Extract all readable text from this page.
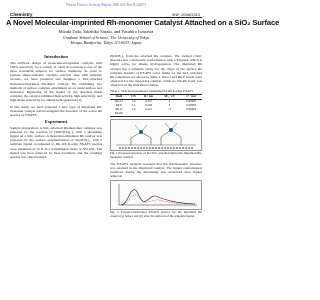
Photon Factory Activity Report 2006 #24 Part B (2007)
Chemistry	3NF, 2006G310
A Novel Molecular-imprinted Rh-monomer Catalyst Attached on a SiO₂ Surface
Mizuki Tada, Takehiko Sasaki, and Yasuhiro Iwasawa
Graduate School of Science, The University of Tokyo
Hongo, Bunkyo-ku, Tokyo 113-0033, Japan
Introduction
The artificial design of molecular-recognition catalysts with 100% selectivity for a variety of catalytic reactions is one of the most wonderful subjects for surface chemistry. In order to prepare shape-selective catalytic reaction sites with template cavities, we have prepared and designed a SiO₂-attached molecular-imprinted Rh-dimer catalyst. By combining two methods of surface complex attachment on an oxide surface and molecular imprinting of the ligand of the attached metal complex, the catalyst exhibited high activity, high selectivity, and high shape selectivity for alkene hydrogenation [1].
In this study, we have prepared a new type of imprinted Rh-monomer catalyst and investigated the structure of the active Rh species by EXAFS.
Experiment
Sample preparation: A SiO₂-attached Rh-monomer complex was prepared by the reaction of [RhCl(CO)₂]₂ with a phosphine ligand on a SiO₂ surface. A molecular-imprinted Rh catalyst was prepared by the surface polymerization of Si(OCH₃)₄ with a template ligand coordinated to Rh. Rh K-edge EXAFS spectra were measured at 15 K in a transmission mode at NW10A. The ligand was then removed by heat treatment, and the resulting species was characterized.
P(OCH₃)₃ from the attached Rh complex. The formed cavity structure has a molecular conformation with a P ligand, which is highly active for alkene hydrogenation. The imprinted Rh catalyst has a template cavity for the shape of the surface Rh complex. Results of EXAFS curve fitting for the SiO₂-attached Rh complexes are shown in Table 1. Rh-Cl and Rh-P bonds were observed for the supported catalyst, while no Rh-Rh bond was observed on the imprinted catalyst.
Table 1. Structural parameters determined by Rh K-edge EXAFS
Shell	CN	R / nm	ΔE₀ / eV	σ² / nm²
Rh-Cl	1.0	0.237	4	0.00005
Rh-P	2.1	0.226	2	0.00003
Rh-O	1.6	0.215	-3	0.00002
Rh-Rh				
Fig. 1 Proposed structure of the SiO₂-attached molecular-imprinted Rh-monomer catalyst.
The EXAFS analysis revealed that the Rh-monomer structure was retained in the imprinted catalyst. The ligand conformation produced during the imprinting was preserved after ligand removal.
Fig. 2 Fourier-transformed EXAFS spectra for the imprinted Rh catalyst (a) before and (b) after the removal of the template ligand.
